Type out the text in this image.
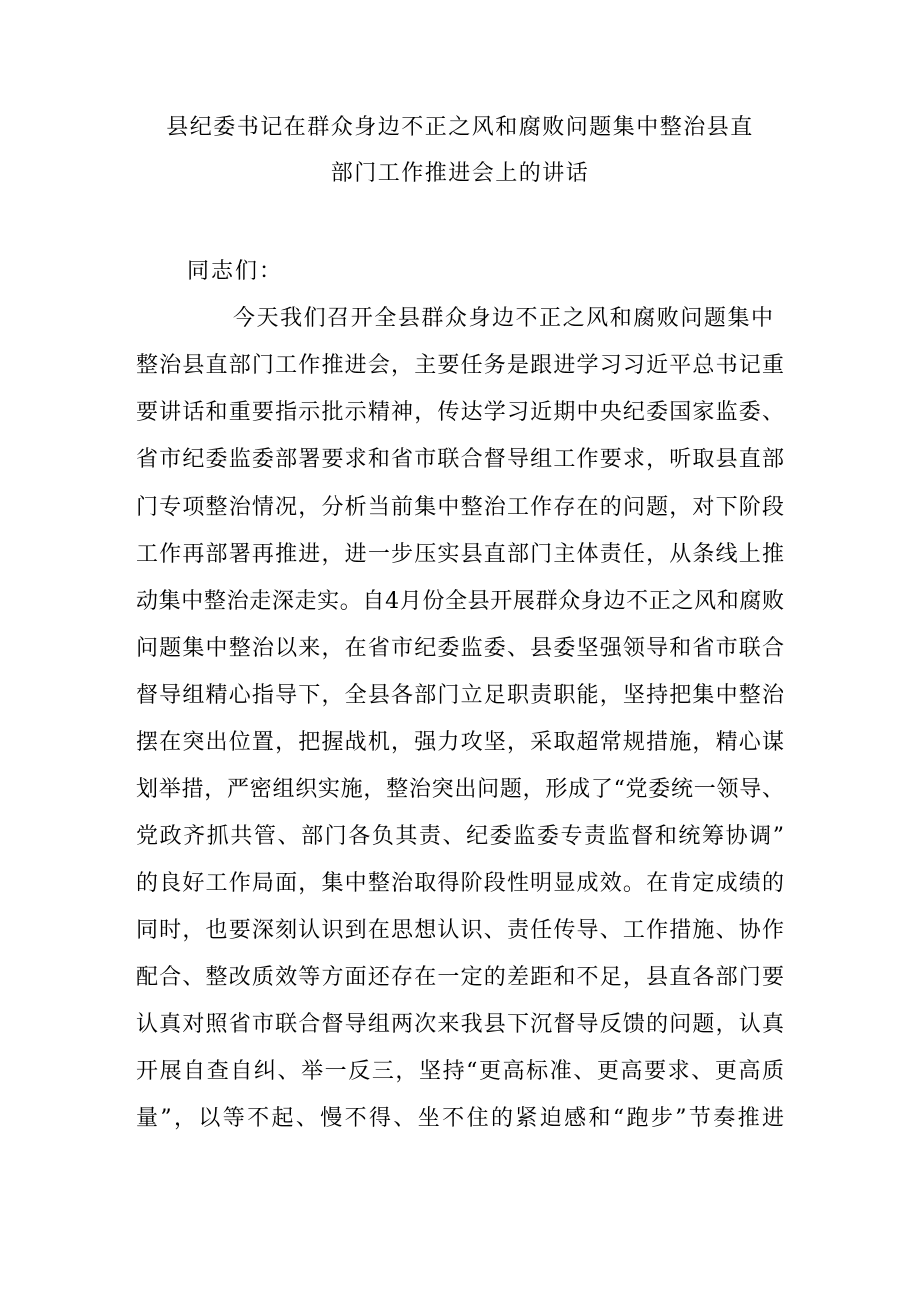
县纪委书记在群众身边不正之风和腐败问题集中整治县直
部门工作推进会上的讲话
同志们：
今天我们召开全县群众身边不正之风和腐败问题集中
整治县直部门工作推进会，主要任务是跟进学习习近平总书记重
要讲话和重要指示批示精神，传达学习近期中央纪委国家监委、
省市纪委监委部署要求和省市联合督导组工作要求，听取县直部
门专项整治情况，分析当前集中整治工作存在的问题，对下阶段
工作再部署再推进，进一步压实县直部门主体责任，从条线上推
动集中整治走深走实。自4月份全县开展群众身边不正之风和腐败
问题集中整治以来，在省市纪委监委、县委坚强领导和省市联合
督导组精心指导下，全县各部门立足职责职能，坚持把集中整治
摆在突出位置，把握战机，强力攻坚，采取超常规措施，精心谋
划举措，严密组织实施，整治突出问题，形成了“党委统一领导、
党政齐抓共管、部门各负其责、纪委监委专责监督和统筹协调”
的良好工作局面，集中整治取得阶段性明显成效。在肯定成绩的
同时，也要深刻认识到在思想认识、责任传导、工作措施、协作
配合、整改质效等方面还存在一定的差距和不足，县直各部门要
认真对照省市联合督导组两次来我县下沉督导反馈的问题，认真
开展自查自纠、举一反三，坚持“更高标准、更高要求、更高质
量”，以等不起、慢不得、坐不住的紧迫感和“跑步”节奏推进
